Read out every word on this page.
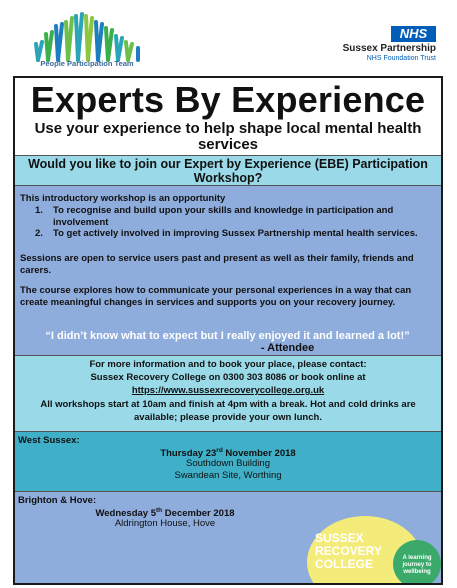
People Participation Team
NHS
Sussex Partnership
NHS Foundation Trust
Experts By Experience
Use your experience to help shape local mental health services
Would you like to join our Expert by Experience (EBE) Participation Workshop?
This introductory workshop is an opportunity
1. To recognise and build upon your skills and knowledge in participation and involvement
2. To get actively involved in improving Sussex Partnership mental health services.
Sessions are open to service users past and present as well as their family, friends and carers.
The course explores how to communicate your personal experiences in a way that can create meaningful changes in services and supports you on your recovery journey.
“I didn’t know what to expect but I really enjoyed it and learned a lot!”
- Attendee
For more information and to book your place, please contact:
Sussex Recovery College on 0300 303 8086 or book online at
https://www.sussexrecoverycollege.org.uk
All workshops start at 10am and finish at 4pm with a break. Hot and cold drinks are available; please provide your own lunch.
West Sussex:
Thursday 23rd November 2018
Southdown Building
Swandean Site, Worthing
Brighton & Hove:
Wednesday 5th December 2018
Aldrington House, Hove
SUSSEX
RECOVERY
COLLEGE	A learning
journey to
wellbeing
